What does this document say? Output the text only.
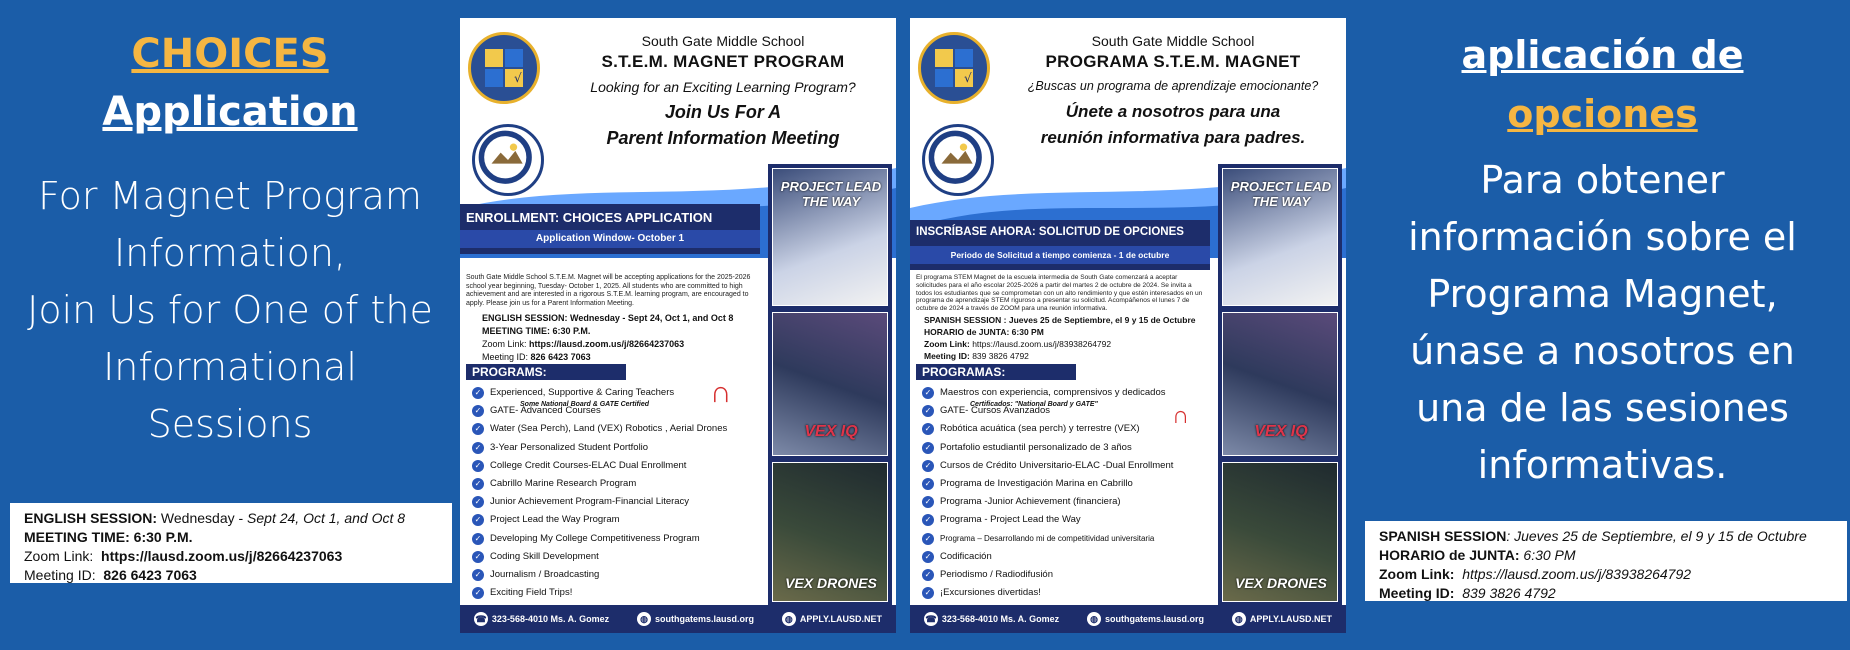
CHOICES
Application
For Magnet Program
Information,
Join Us for One of the
Informational
Sessions
ENGLISH SESSION: Wednesday - Sept 24, Oct 1, and Oct 8
MEETING TIME: 6:30 P.M.
Zoom Link: https://lausd.zoom.us/j/82664237063
Meeting ID: 826 6423 7063
√
South Gate Middle School
S.T.E.M. MAGNET PROGRAM
Looking for an Exciting Learning Program?
Join Us For A
Parent Information Meeting
ENROLLMENT: CHOICES APPLICATION
Application Window- October 1
South Gate Middle School S.T.E.M. Magnet will be accepting applications for the 2025-2026 school year beginning, Tuesday- October 1, 2025. All students who are committed to high achievement and are interested in a rigorous S.T.E.M. learning program, are encouraged to apply. Please join us for a Parent Information Meeting.
ENGLISH SESSION: Wednesday - Sept 24, Oct 1, and Oct 8
MEETING TIME: 6:30 P.M.
Zoom Link: https://lausd.zoom.us/j/82664237063
Meeting ID: 826 6423 7063
PROGRAMS:
✓ Experienced, Supportive & Caring Teachers
✓ GATE- Advanced Courses
✓ Water (Sea Perch), Land (VEX) Robotics , Aerial Drones
✓ 3-Year Personalized Student Portfolio
✓ College Credit Courses-ELAC Dual Enrollment
✓ Cabrillo Marine Research Program
✓ Junior Achievement Program-Financial Literacy
✓ Project Lead the Way Program
✓ Developing My College Competitiveness Program
✓ Coding Skill Development
✓ Journalism / Broadcasting
✓ Exciting Field Trips!
Some National Board & GATE Certified ∩
PROJECT LEAD THE WAY
VEX IQ
VEX DRONES
☎ 323-568-4010 Ms. A. Gomez	◍ southgatems.lausd.org	◍ APPLY.LAUSD.NET
√
South Gate Middle School
PROGRAMA S.T.E.M. MAGNET
¿Buscas un programa de aprendizaje emocionante?
Únete a nosotros para una
reunión informativa para padres.
INSCRÍBASE AHORA: SOLICITUD DE OPCIONES
Periodo de Solicitud a tiempo comienza - 1 de octubre
El programa STEM Magnet de la escuela intermedia de South Gate comenzará a aceptar solicitudes para el año escolar 2025-2026 a partir del martes 2 de octubre de 2024. Se invita a todos los estudiantes que se comprometan con un alto rendimiento y que estén interesados en un programa de aprendizaje STEM riguroso a presentar su solicitud. Acompáñenos el lunes 7 de octubre de 2024 a través de ZOOM para una reunión informativa.
SPANISH SESSION : Jueves 25 de Septiembre, el 9 y 15 de Octubre
HORARIO de JUNTA: 6:30 PM
Zoom Link: https://lausd.zoom.us/j/83938264792
Meeting ID: 839 3826 4792
PROGRAMAS:
✓ Maestros con experiencia, comprensivos y dedicados
✓ GATE- Cursos Avanzados
✓ Robótica acuática (sea perch) y terrestre (VEX)
✓ Portafolio estudiantil personalizado de 3 años
✓ Cursos de Crédito Universitario-ELAC -Dual Enrollment
✓ Programa de Investigación Marina en Cabrillo
✓ Programa -Junior Achievement (financiera)
✓ Programa - Project Lead the Way
✓	Programa – Desarrollando mi de competitividad universitaria
✓ Codificación
✓ Periodismo / Radiodifusión
✓ ¡Excursiones divertidas!
Certificados: "National Board y GATE"	∩
PROJECT LEAD THE WAY
VEX IQ
VEX DRONES
☎ 323-568-4010 Ms. A. Gomez	◍ southgatems.lausd.org	◍ APPLY.LAUSD.NET
aplicación de
opciones
Para obtener
información sobre el
Programa Magnet,
únase a nosotros en
una de las sesiones
informativas.
SPANISH SESSION: Jueves 25 de Septiembre, el 9 y 15 de Octubre
HORARIO de JUNTA: 6:30 PM
Zoom Link: https://lausd.zoom.us/j/83938264792
Meeting ID: 839 3826 4792
